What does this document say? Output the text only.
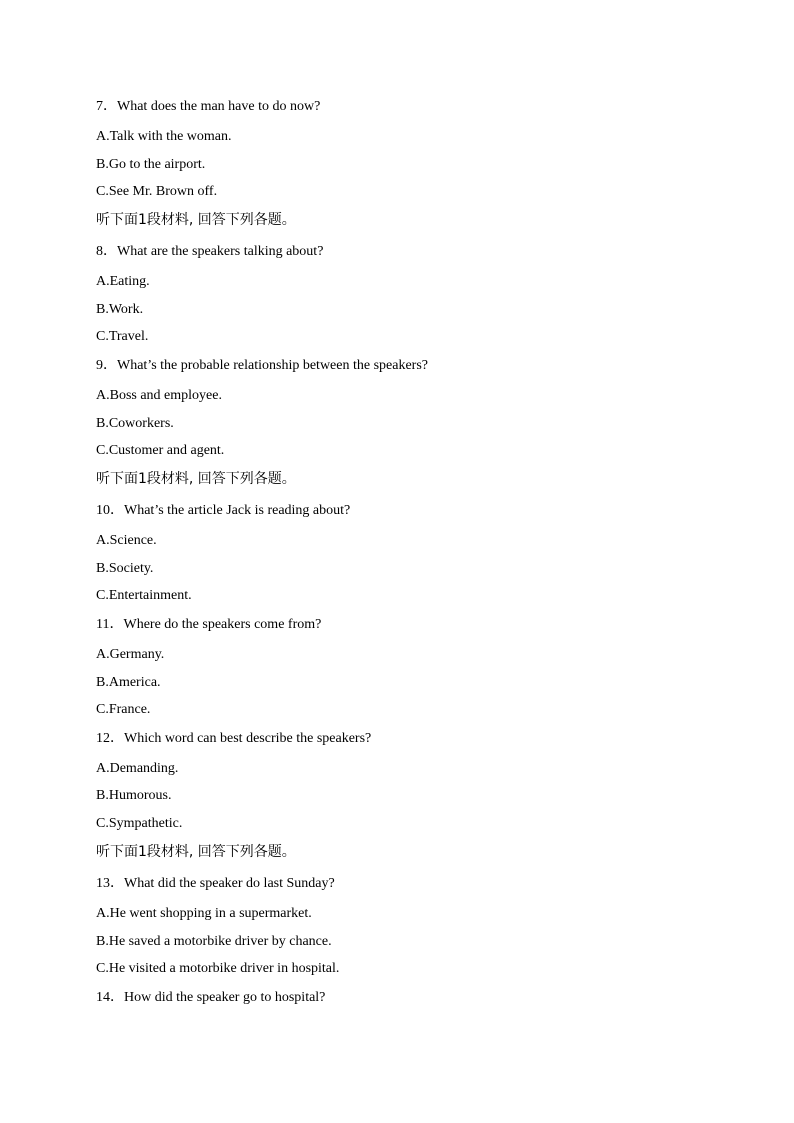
7．What does the man have to do now?
A.Talk with the woman.
B.Go to the airport.
C.See Mr. Brown off.
听下面1段材料, 回答下列各题。
8．What are the speakers talking about?
A.Eating.
B.Work.
C.Travel.
9．What’s the probable relationship between the speakers?
A.Boss and employee.
B.Coworkers.
C.Customer and agent.
听下面1段材料, 回答下列各题。
10．What’s the article Jack is reading about?
A.Science.
B.Society.
C.Entertainment.
11．Where do the speakers come from?
A.Germany.
B.America.
C.France.
12．Which word can best describe the speakers?
A.Demanding.
B.Humorous.
C.Sympathetic.
听下面1段材料, 回答下列各题。
13．What did the speaker do last Sunday?
A.He went shopping in a supermarket.
B.He saved a motorbike driver by chance.
C.He visited a motorbike driver in hospital.
14．How did the speaker go to hospital?
